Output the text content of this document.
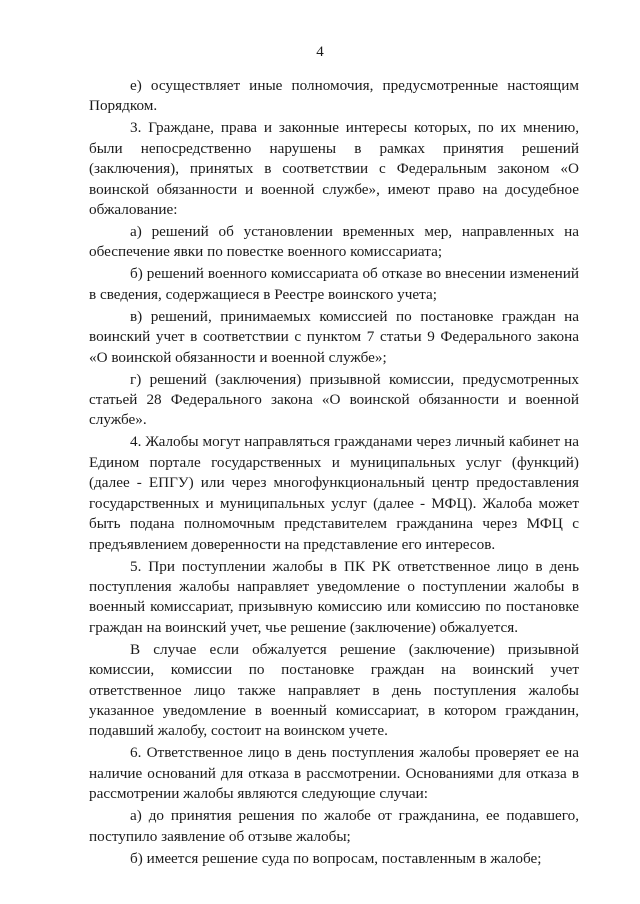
4

е) осуществляет иные полномочия, предусмотренные настоящим Порядком.

3. Граждане, права и законные интересы которых, по их мнению, были непосредственно нарушены в рамках принятия решений (заключения), принятых в соответствии с Федеральным законом «О воинской обязанности и военной службе», имеют право на досудебное обжалование:

а) решений об установлении временных мер, направленных на обеспечение явки по повестке военного комиссариата;

б) решений военного комиссариата об отказе во внесении изменений в сведения, содержащиеся в Реестре воинского учета;

в) решений, принимаемых комиссией по постановке граждан на воинский учет в соответствии с пунктом 7 статьи 9 Федерального закона «О воинской обязанности и военной службе»;

г) решений (заключения) призывной комиссии, предусмотренных статьей 28 Федерального закона «О воинской обязанности и военной службе».

4. Жалобы могут направляться гражданами через личный кабинет на Едином портале государственных и муниципальных услуг (функций) (далее - ЕПГУ) или через многофункциональный центр предоставления государственных и муниципальных услуг (далее - МФЦ). Жалоба может быть подана полномочным представителем гражданина через МФЦ с предъявлением доверенности на представление его интересов.

5. При поступлении жалобы в ПК РК ответственное лицо в день поступления жалобы направляет уведомление о поступлении жалобы в военный комиссариат, призывную комиссию или комиссию по постановке граждан на воинский учет, чье решение (заключение) обжалуется.

В случае если обжалуется решение (заключение) призывной комиссии, комиссии по постановке граждан на воинский учет ответственное лицо также направляет в день поступления жалобы указанное уведомление в военный комиссариат, в котором гражданин, подавший жалобу, состоит на воинском учете.

6. Ответственное лицо в день поступления жалобы проверяет ее на наличие оснований для отказа в рассмотрении. Основаниями для отказа в рассмотрении жалобы являются следующие случаи:

а) до принятия решения по жалобе от гражданина, ее подавшего, поступило заявление об отзыве жалобы;

б) имеется решение суда по вопросам, поставленным в жалобе;
